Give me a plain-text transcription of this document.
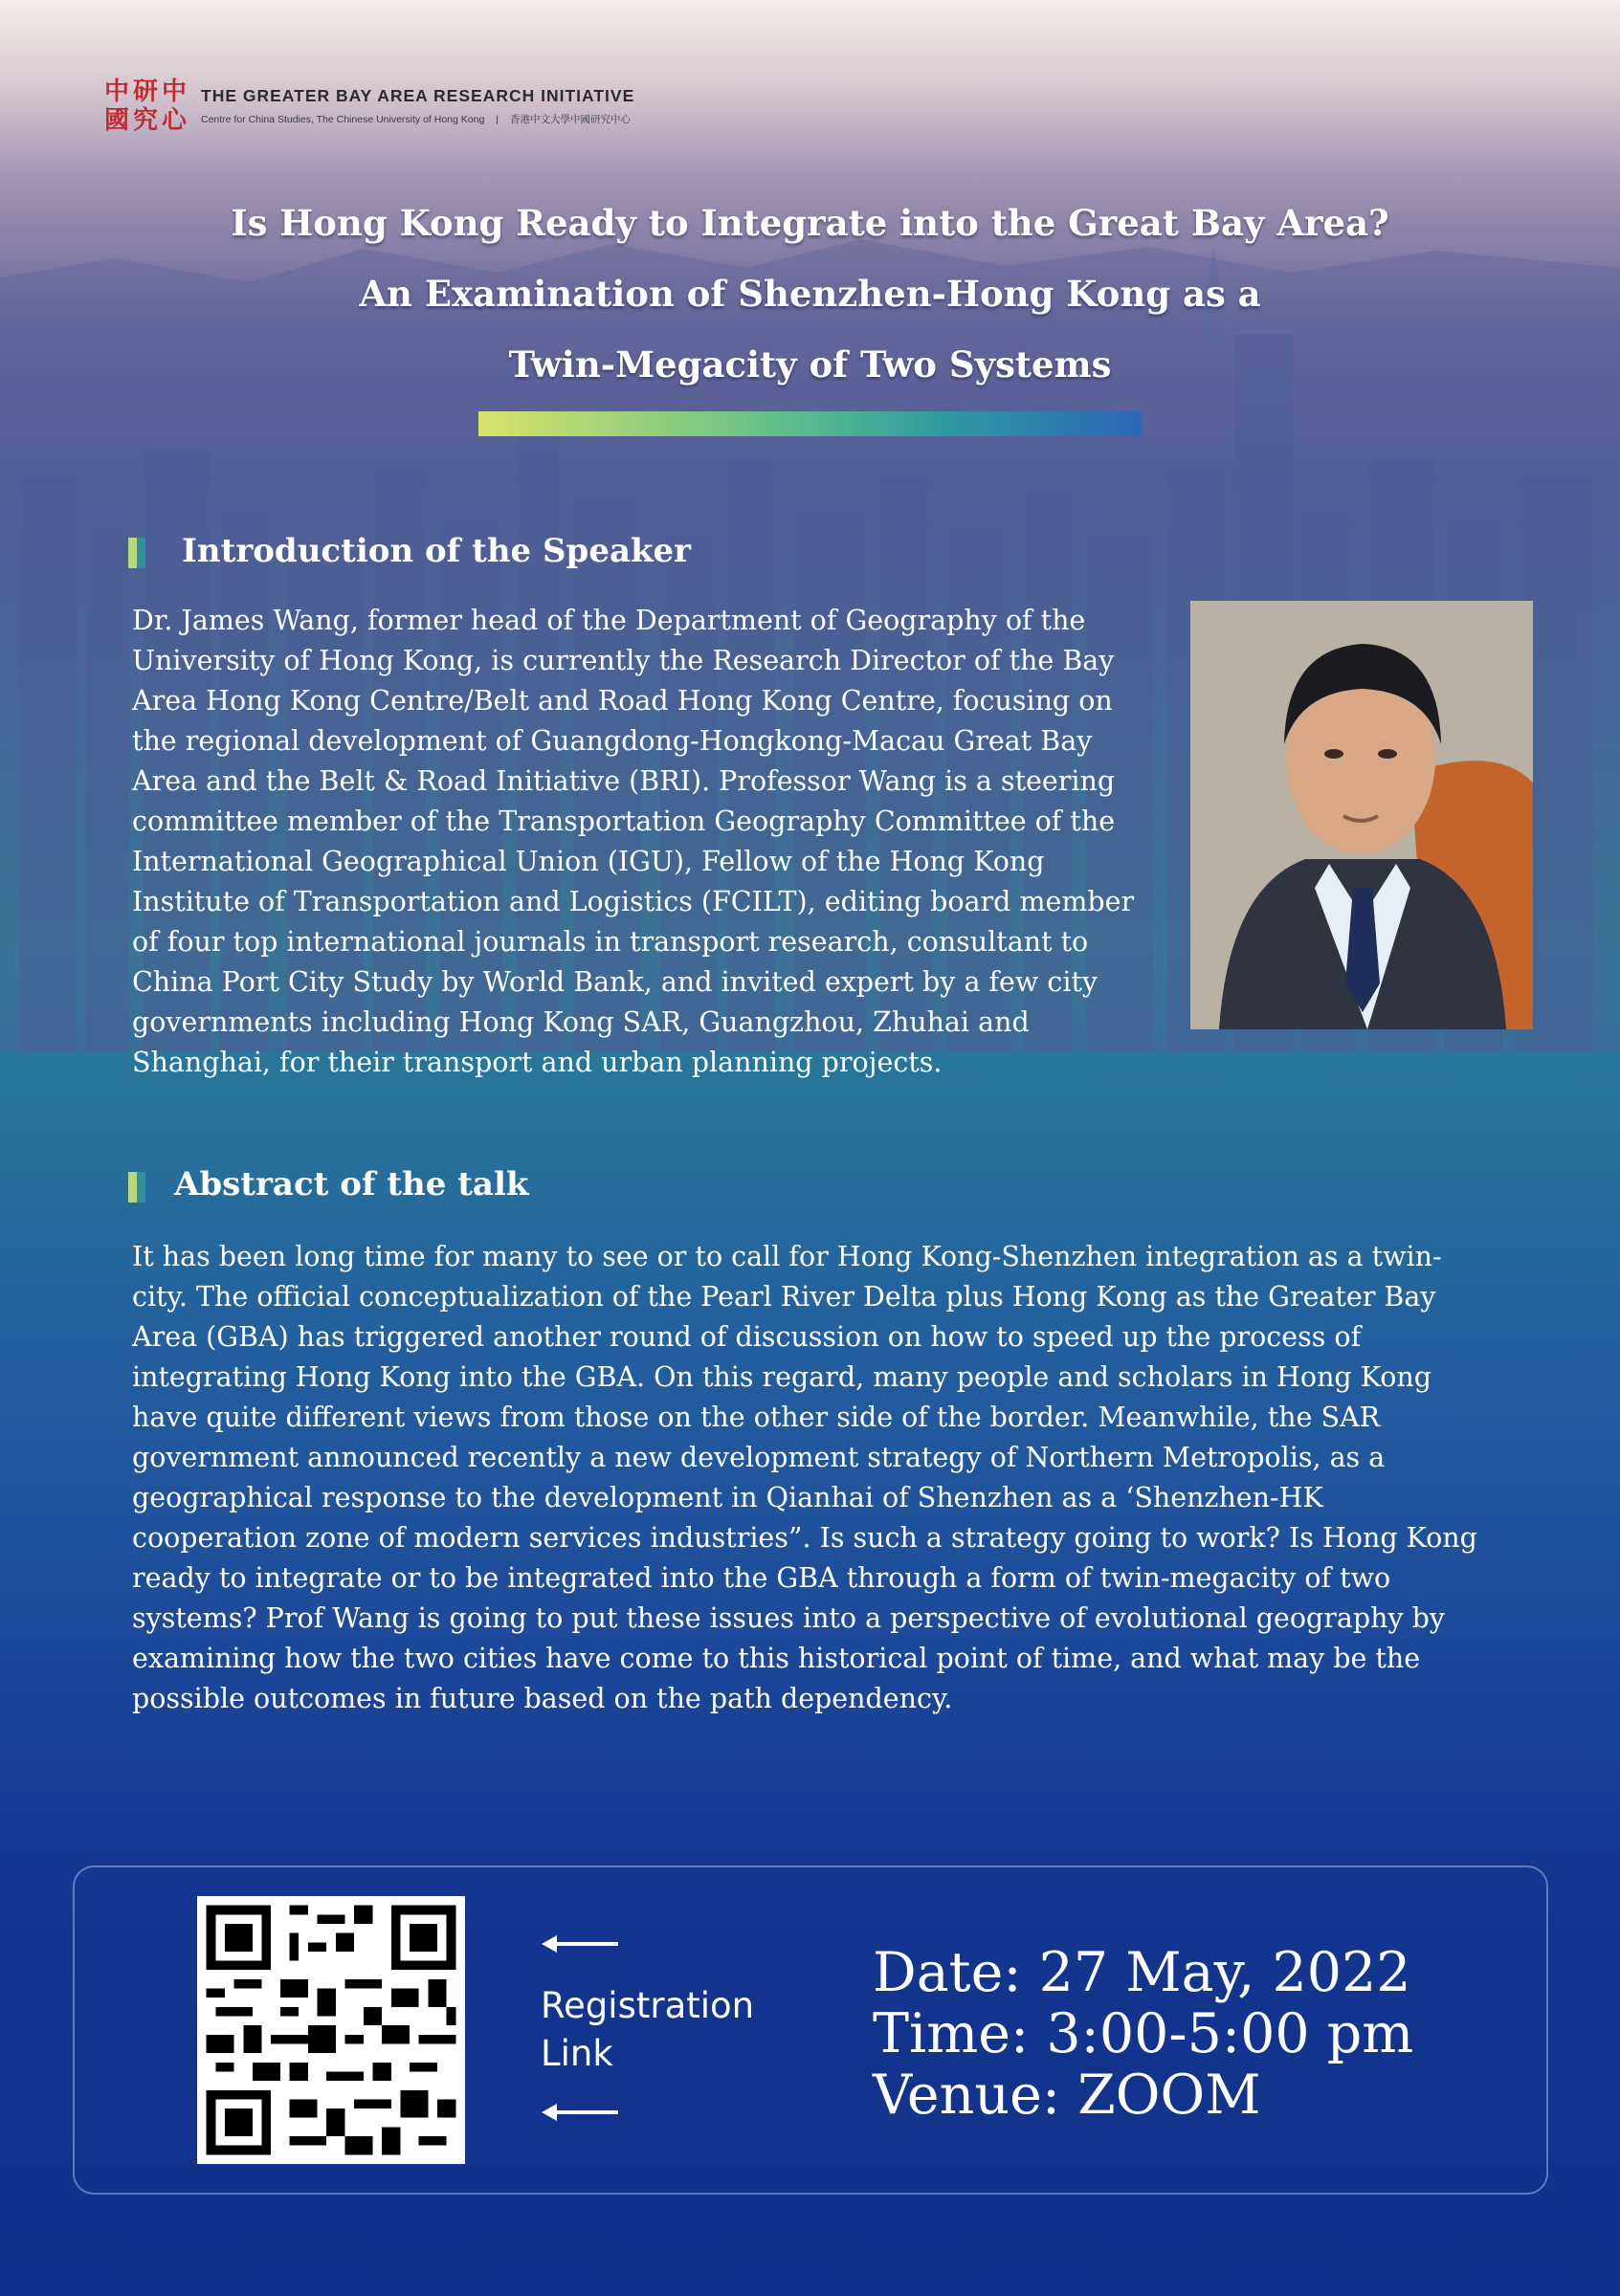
中 研 中
國 究 心
THE GREATER BAY AREA RESEARCH INITIATIVE
Centre for China Studies, The Chinese University of Hong Kong | 香港中文大學中國研究中心
Is Hong Kong Ready to Integrate into the Great Bay Area?
An Examination of Shenzhen-Hong Kong as a
Twin-Megacity of Two Systems
Introduction of the Speaker
Dr. James Wang, former head of the Department of Geography of the University of Hong Kong, is currently the Research Director of the Bay Area Hong Kong Centre/Belt and Road Hong Kong Centre, focusing on the regional development of Guangdong-Hongkong-Macau Great Bay Area and the Belt & Road Initiative (BRI). Professor Wang is a steering committee member of the Transportation Geography Committee of the International Geographical Union (IGU), Fellow of the Hong Kong Institute of Transportation and Logistics (FCILT), editing board member of four top international journals in transport research, consultant to China Port City Study by World Bank, and invited expert by a few city governments including Hong Kong SAR, Guangzhou, Zhuhai and Shanghai, for their transport and urban planning projects.
Abstract of the talk
It has been long time for many to see or to call for Hong Kong-Shenzhen integration as a twin-city. The official conceptualization of the Pearl River Delta plus Hong Kong as the Greater Bay Area (GBA) has triggered another round of discussion on how to speed up the process of integrating Hong Kong into the GBA. On this regard, many people and scholars in Hong Kong have quite different views from those on the other side of the border. Meanwhile, the SAR government announced recently a new development strategy of Northern Metropolis, as a geographical response to the development in Qianhai of Shenzhen as a ‘Shenzhen-HK cooperation zone of modern services industries”. Is such a strategy going to work? Is Hong Kong ready to integrate or to be integrated into the GBA through a form of twin-megacity of two systems? Prof Wang is going to put these issues into a perspective of evolutional geography by examining how the two cities have come to this historical point of time, and what may be the possible outcomes in future based on the path dependency.
Registration
Link
Date: 27 May, 2022
Time: 3:00-5:00 pm
Venue: ZOOM
